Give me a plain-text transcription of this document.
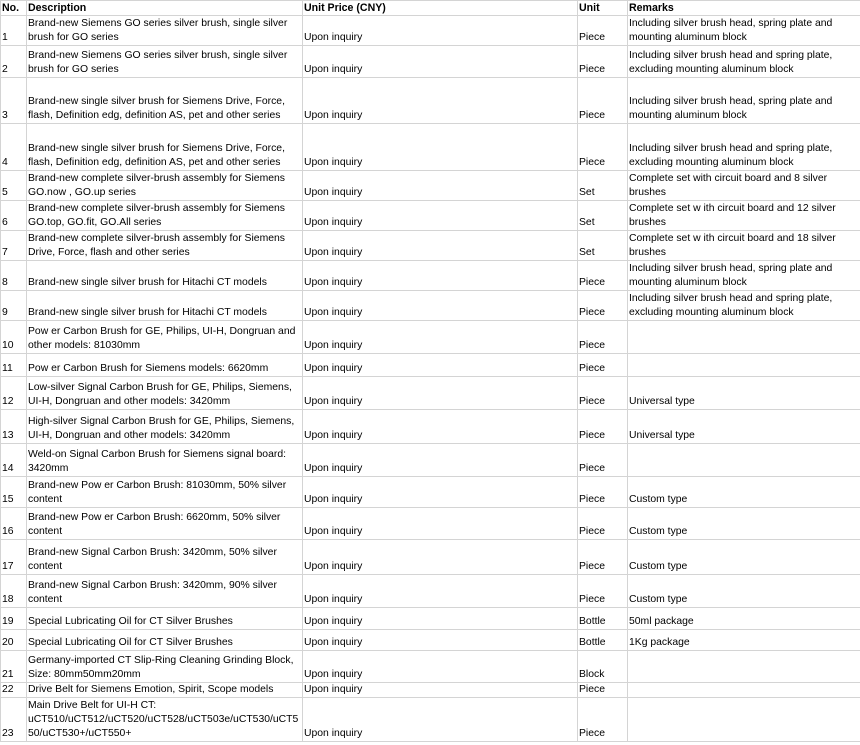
No.	Description	Unit Price (CNY)	Unit	Remarks
1	Brand-new Siemens GO series silver brush, single silver brush for GO series	Upon inquiry	Piece	Including silver brush head, spring plate and mounting aluminum block
2	Brand-new Siemens GO series silver brush, single silver brush for GO series	Upon inquiry	Piece	Including silver brush head and spring plate, excluding mounting aluminum block
3	Brand-new single silver brush for Siemens Drive, Force, flash, Definition edg, definition AS, pet and other series	Upon inquiry	Piece	Including silver brush head, spring plate and mounting aluminum block
4	Brand-new single silver brush for Siemens Drive, Force, flash, Definition edg, definition AS, pet and other series	Upon inquiry	Piece	Including silver brush head and spring plate, excluding mounting aluminum block
5	Brand-new complete silver-brush assembly for Siemens GO.now , GO.up series	Upon inquiry	Set	Complete set with circuit board and 8 silver brushes
6	Brand-new complete silver-brush assembly for Siemens GO.top, GO.fit, GO.All series	Upon inquiry	Set	Complete set w ith circuit board and 12 silver brushes
7	Brand-new complete silver-brush assembly for Siemens Drive, Force, flash and other series	Upon inquiry	Set	Complete set w ith circuit board and 18 silver brushes
8	Brand-new single silver brush for Hitachi CT models	Upon inquiry	Piece	Including silver brush head, spring plate and mounting aluminum block
9	Brand-new single silver brush for Hitachi CT models	Upon inquiry	Piece	Including silver brush head and spring plate, excluding mounting aluminum block
10	Pow er Carbon Brush for GE, Philips, UI-H, Dongruan and other models: 81030mm	Upon inquiry	Piece	
11	Pow er Carbon Brush for Siemens models: 6620mm	Upon inquiry	Piece	
12	Low-silver Signal Carbon Brush for GE, Philips, Siemens, UI-H, Dongruan and other models: 3420mm	Upon inquiry	Piece	Universal type
13	High-silver Signal Carbon Brush for GE, Philips, Siemens, UI-H, Dongruan and other models: 3420mm	Upon inquiry	Piece	Universal type
14	Weld-on Signal Carbon Brush for Siemens signal board: 3420mm	Upon inquiry	Piece	
15	Brand-new Pow er Carbon Brush: 81030mm, 50% silver content	Upon inquiry	Piece	Custom type
16	Brand-new Pow er Carbon Brush: 6620mm, 50% silver content	Upon inquiry	Piece	Custom type
17	Brand-new Signal Carbon Brush: 3420mm, 50% silver content	Upon inquiry	Piece	Custom type
18	Brand-new Signal Carbon Brush: 3420mm, 90% silver content	Upon inquiry	Piece	Custom type
19	Special Lubricating Oil for CT Silver Brushes	Upon inquiry	Bottle	50ml package
20	Special Lubricating Oil for CT Silver Brushes	Upon inquiry	Bottle	1Kg package
21	Germany-imported CT Slip-Ring Cleaning Grinding Block, Size: 80mm50mm20mm	Upon inquiry	Block	
22	Drive Belt for Siemens Emotion, Spirit, Scope models	Upon inquiry	Piece	
23	Main Drive Belt for UI-H CT: uCT510/uCT512/uCT520/uCT528/uCT503e/uCT530/uCT550/uCT530+/uCT550+	Upon inquiry	Piece	
